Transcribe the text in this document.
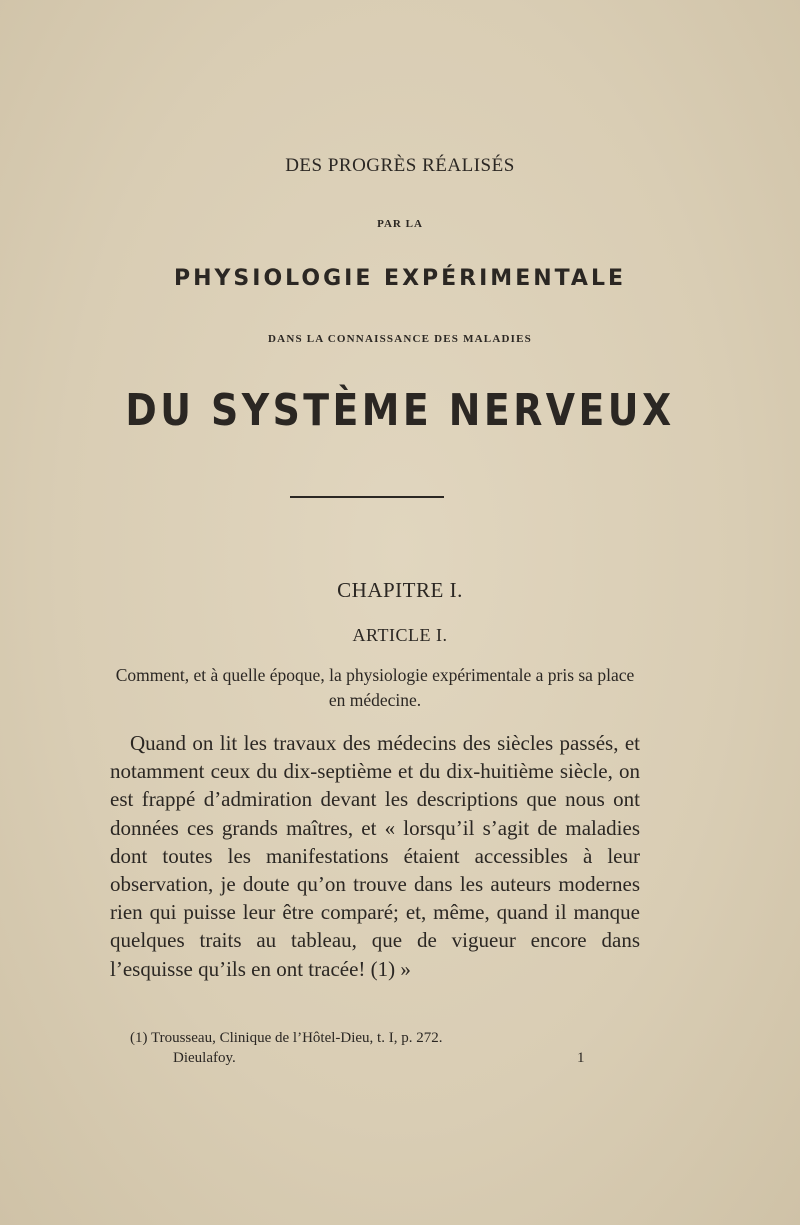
DES PROGRÈS RÉALISÉS
PAR LA
PHYSIOLOGIE EXPÉRIMENTALE
DANS LA CONNAISSANCE DES MALADIES
DU SYSTÈME NERVEUX
CHAPITRE I.
ARTICLE I.
Comment, et à quelle époque, la physiologie expérimentale a pris sa place en médecine.
Quand on lit les travaux des médecins des siècles passés, et notamment ceux du dix-septième et du dix-huitième siècle, on est frappé d’admiration devant les descriptions que nous ont données ces grands maîtres, et « lorsqu’il s’agit de maladies dont toutes les manifestations étaient accessibles à leur observation, je doute qu’on trouve dans les auteurs modernes rien qui puisse leur être comparé; et, même, quand il manque quelques traits au tableau, que de vigueur encore dans l’esquisse qu’ils en ont tracée! (1) »
(1) Trousseau, Clinique de l’Hôtel-Dieu, t. I, p. 272.
Dieulafoy.	1
